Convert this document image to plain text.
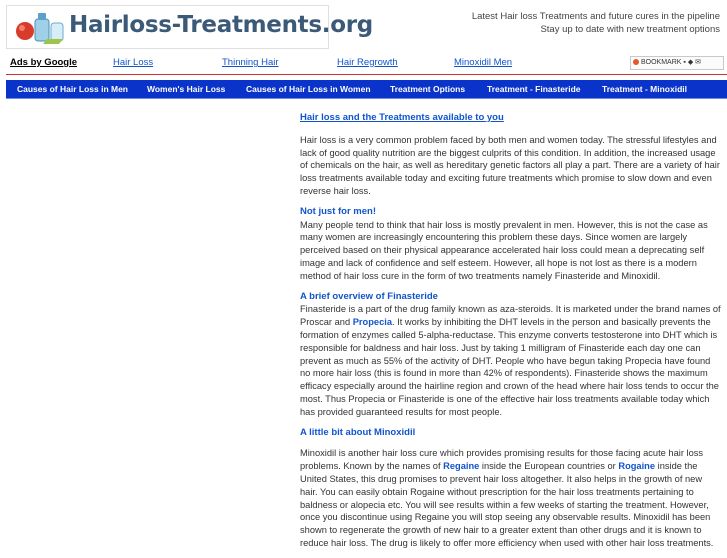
Hairloss-Treatments.org	Latest Hair loss Treatments and future cures in the pipeline
Stay up to date with new treatment options
Ads by Google	Hair Loss	Thinning Hair	Hair Regrowth	Minoxidil Men	BOOKMARK ▪ ◆ ✉
Causes of Hair Loss in Men Women's Hair Loss Causes of Hair Loss in Women Treatment Options	Treatment - Finasteride	Treatment - Minoxidil
Hair loss and the Treatments available to you

Hair loss is a very common problem faced by both men and women today. The stressful lifestyles and lack of good quality nutrition are the biggest culprits of this condition. In addition, the increased usage of chemicals on the hair, as well as hereditary genetic factors all play a part. There are a variety of hair loss treatments available today and exciting future treatments which promise to slow down and even reverse hair loss.

Not just for men!
Many people tend to think that hair loss is mostly prevalent in men. However, this is not the case as many women are increasingly encountering this problem these days. Since women are largely perceived based on their physical appearance accelerated hair loss could mean a deprecating self image and lack of confidence and self esteem. However, all hope is not lost as there is a modern method of hair loss cure in the form of two treatments namely Finasteride and Minoxidil.
A brief overview of Finasteride
Finasteride is a part of the drug family known as aza-steroids. It is marketed under the brand names of Proscar and Propecia. It works by inhibiting the DHT levels in the person and basically prevents the formation of enzymes called 5-alpha-reductase. This enzyme converts testosterone into DHT which is responsible for baldness and hair loss. Just by taking 1 milligram of Finasteride each day one can prevent as much as 55% of the activity of DHT. People who have begun taking Propecia have found no more hair loss (this is found in more than 42% of respondents). Finasteride shows the maximum efficacy especially around the hairline region and crown of the head where hair loss tends to occur the most. Thus Propecia or Finasteride is one of the effective hair loss treatments available today which has provided guaranteed results for most people.
A little bit about Minoxidil
Minoxidil is another hair loss cure which provides promising results for those facing acute hair loss problems. Known by the names of Regaine inside the European countries or Rogaine inside the United States, this drug promises to prevent hair loss altogether. It also helps in the growth of new hair. You can easily obtain Rogaine without prescription for the hair loss treatments pertaining to baldness or alopecia etc. You will see results within a few weeks of starting the treatment. However, once you discontinue using Regaine you will stop seeing any observable results. Minoxidil has been shown to regenerate the growth of new hair to a greater extent than other drugs and it is known to reduce hair loss. The drug is likely to offer more efficiency when used with other hair loss treatments.
